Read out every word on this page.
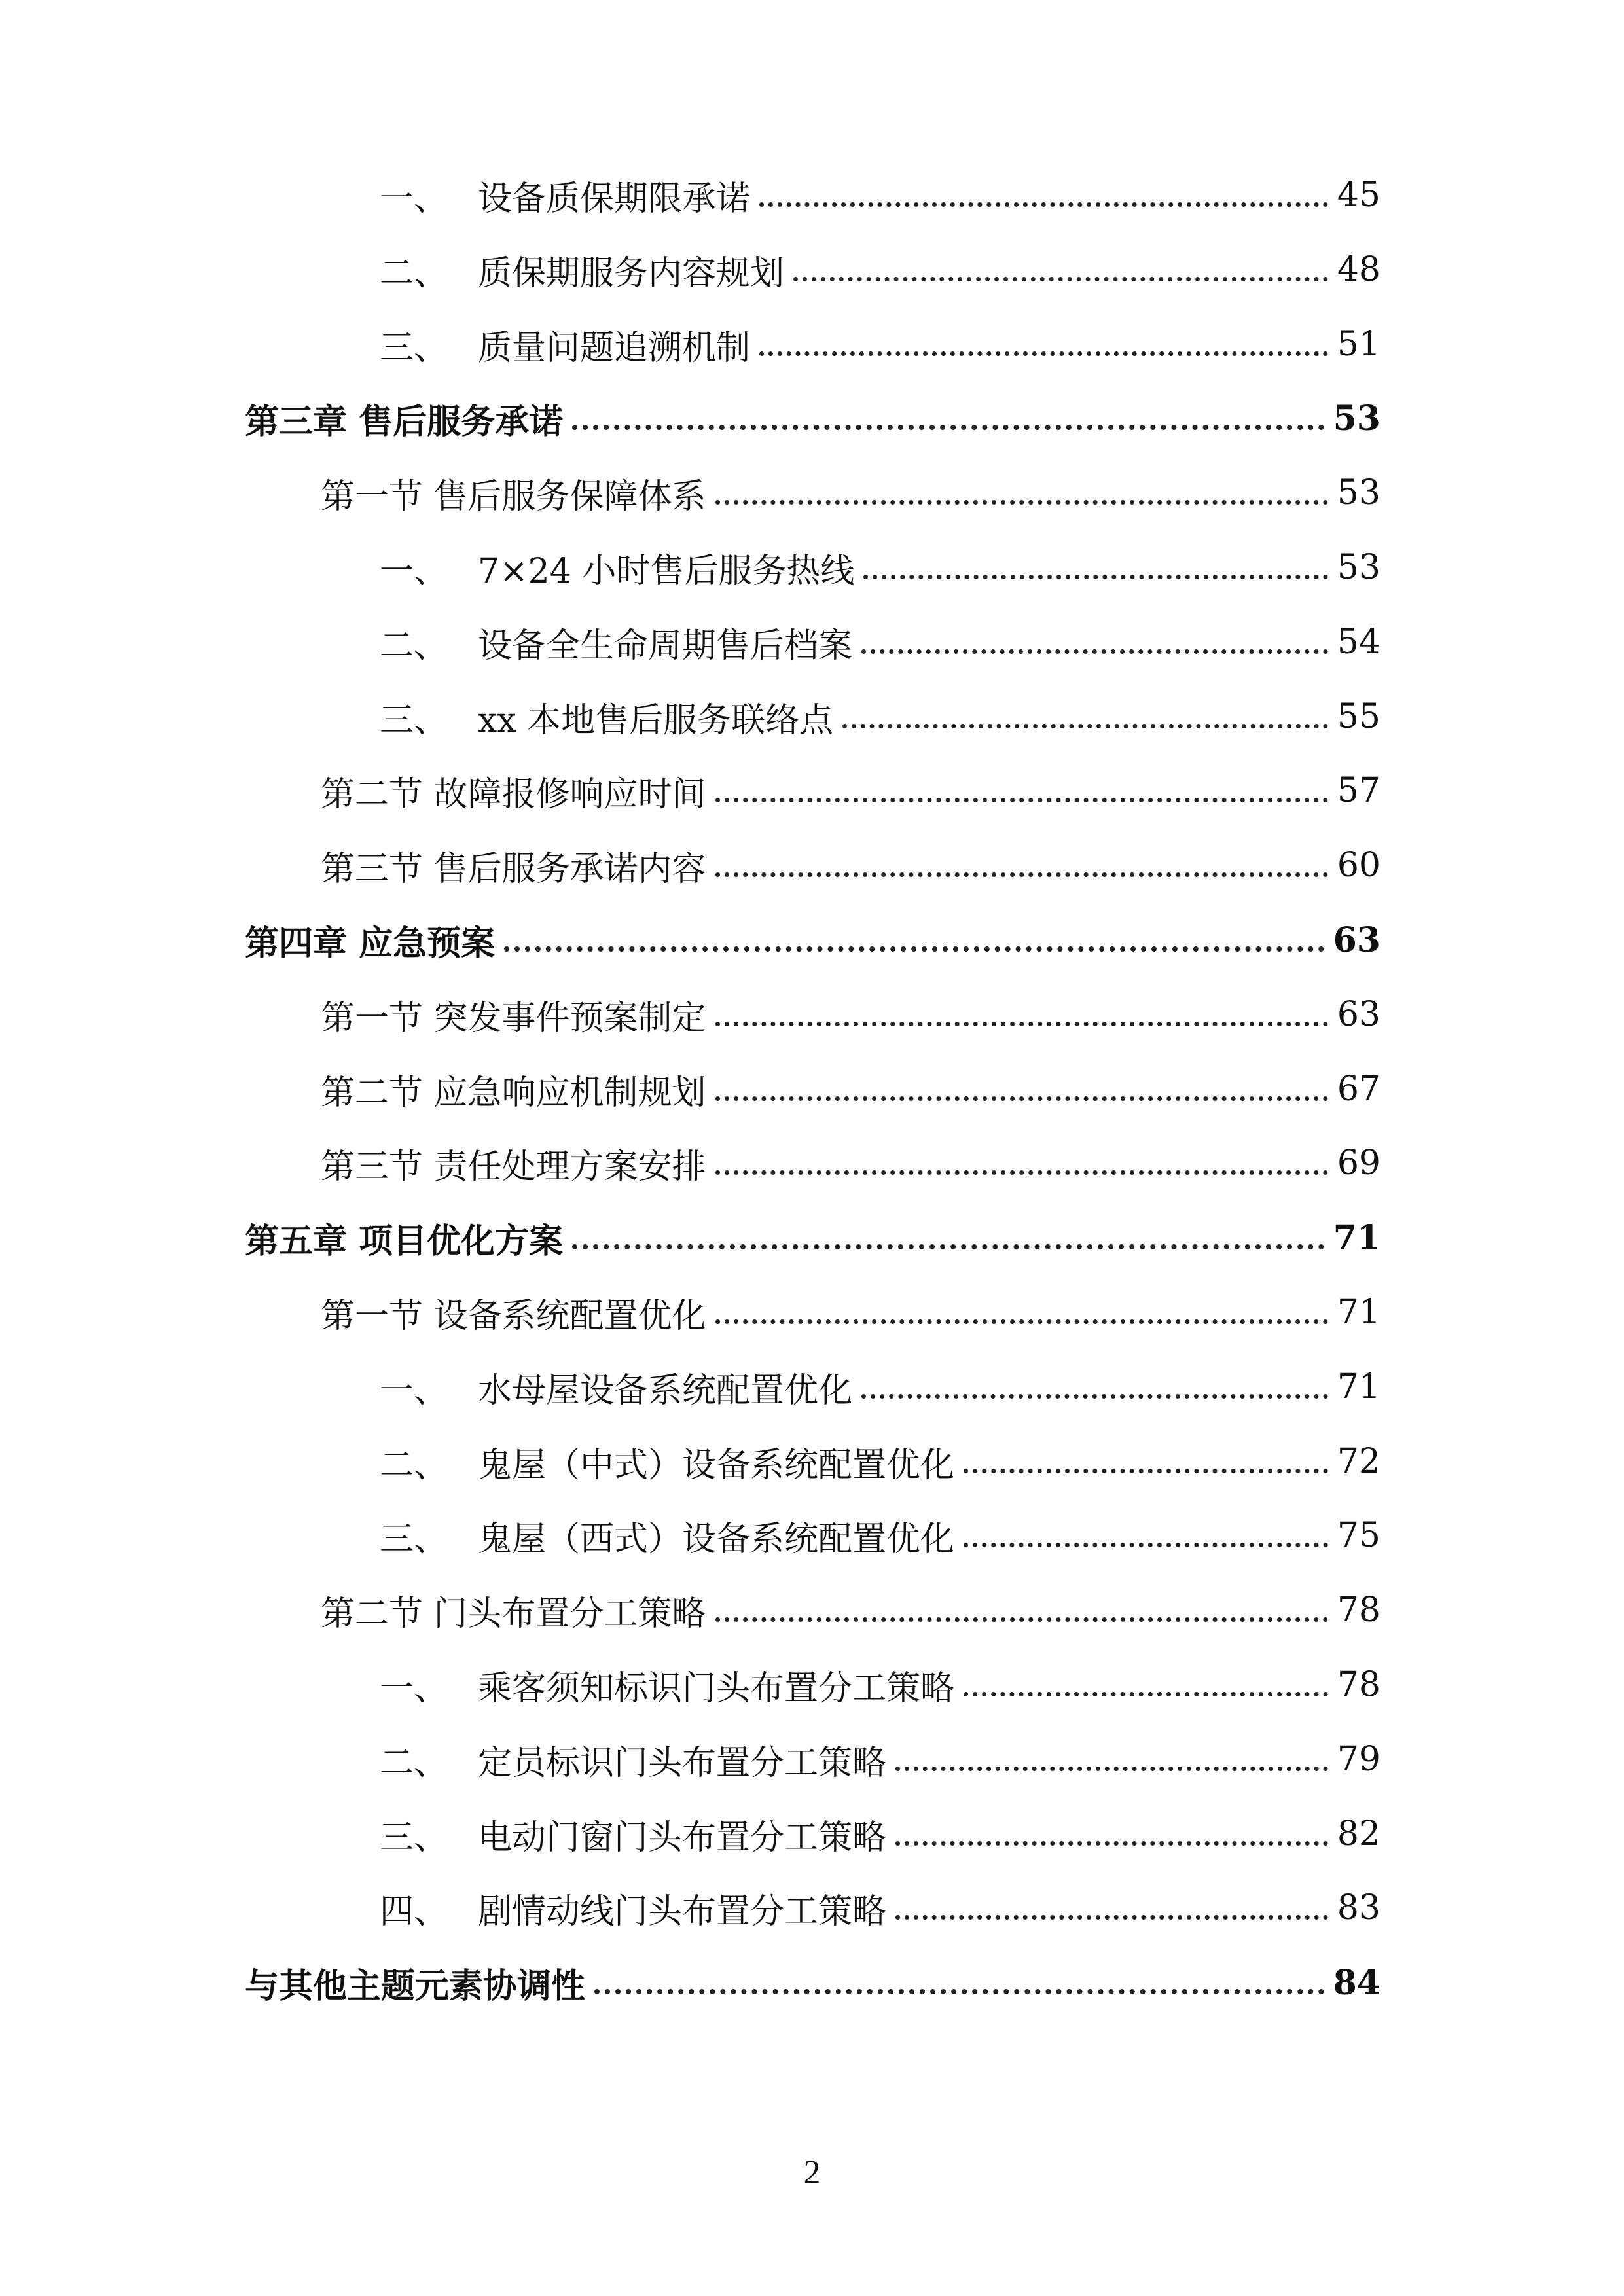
一、 设备质保期限承诺	45
二、 质保期服务内容规划	48
三、 质量问题追溯机制	51
第三章 售后服务承诺	53
第一节 售后服务保障体系	53
一、 7×24 小时售后服务热线	53
二、 设备全生命周期售后档案	54
三、 xx 本地售后服务联络点	55
第二节 故障报修响应时间	57
第三节 售后服务承诺内容	60
第四章 应急预案	63
第一节 突发事件预案制定	63
第二节 应急响应机制规划	67
第三节 责任处理方案安排	69
第五章 项目优化方案	71
第一节 设备系统配置优化	71
一、 水母屋设备系统配置优化	71
二、 鬼屋（中式）设备系统配置优化	72
三、 鬼屋（西式）设备系统配置优化	75
第二节 门头布置分工策略	78
一、 乘客须知标识门头布置分工策略	78
二、 定员标识门头布置分工策略	79
三、 电动门窗门头布置分工策略	82
四、 剧情动线门头布置分工策略	83
与其他主题元素协调性	84
2
